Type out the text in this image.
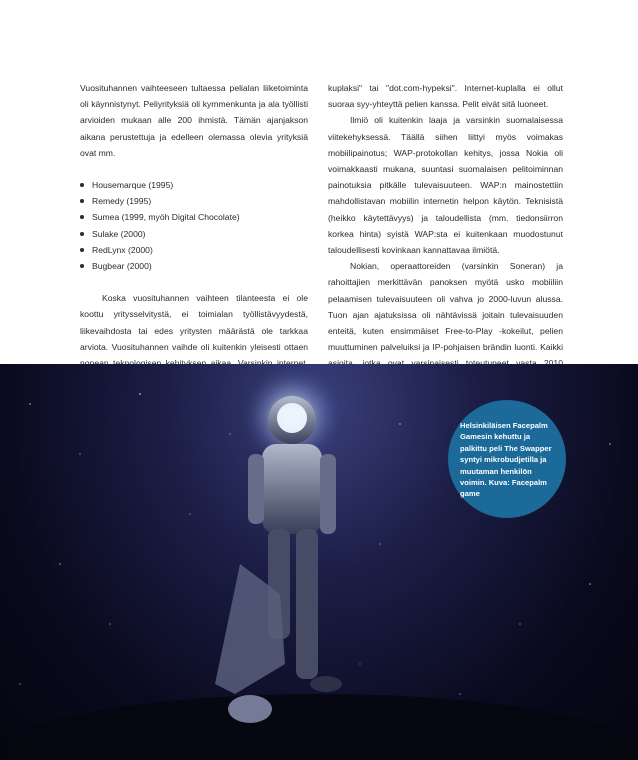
Vuosituhannen vaihteeseen tultaessa pelialan liiketoiminta oli käynnistynyt. Peliyrityksiä oli kymmenkunta ja ala työllisti arvioiden mukaan alle 200 ihmistä. Tämän ajanjakson aikana perustettuja ja edelleen olemassa olevia yrityksiä ovat mm.

Housemarque (1995)
Remedy (1995)
Sumea (1999, myöh Digital Chocolate)
Sulake (2000)
RedLynx (2000)
Bugbear (2000)

Koska vuosituhannen vaihteen tilanteesta ei ole koottu yritysselvitystä, ei toimialan työllistävyydestä, liikevaihdosta tai edes yritysten määrästä ole tarkkaa arviota. Vuosituhannen vaihde oli kuitenkin yleisesti ottaen

kuplaksi" tai "dot.com-hypeksi". Internet-kuplalla ei ollut suoraa syy-yhteyttä pelien kanssa. Pelit eivät sitä luoneet.

Ilmiö oli kuitenkin laaja ja varsinkin suomalaisessa viitekehyksessä. Täällä siihen liittyi myös voimakas mobiilipainotus; WAP-protokollan kehitys, jossa Nokia oli voimakkaasti mukana, suuntasi suomalaisen pelitoiminnan painotuksia pitkälle tulevaisuuteen. WAP:n mainostettiin mahdollistavan mobiilin internetin helpon käytön. Teknisistä (heikko käytettävyys) ja taloudellista (mm. tiedonsiirron korkea hinta) syistä WAP:sta ei kuitenkaan muodostunut taloudellisesti kovinkaan kannattavaa ilmiötä.

Nokian, operaattoreiden (varsinkin Soneran) ja rahoittajien merkittävän panoksen myötä usko mobiiliin pelaamisen tulevaisuuteen oli vahva jo 2000-luvun alussa. Tuon ajan ajatuksissa oli nähtävissä joitain tulevaisuuden enteitä, kuten ensimmäiset Free-to-Play -kokeilut, pelien muuttuminen palveluiksi ja IP-pohjaisen brändin luonti. Kaikki

Helsinkiläisen Facepalm Gamesin kehuttu ja palkittu peli The Swapper syntyi mikrobudjetilla ja muutaman henkilön voimin. Kuva: Facepalm game
